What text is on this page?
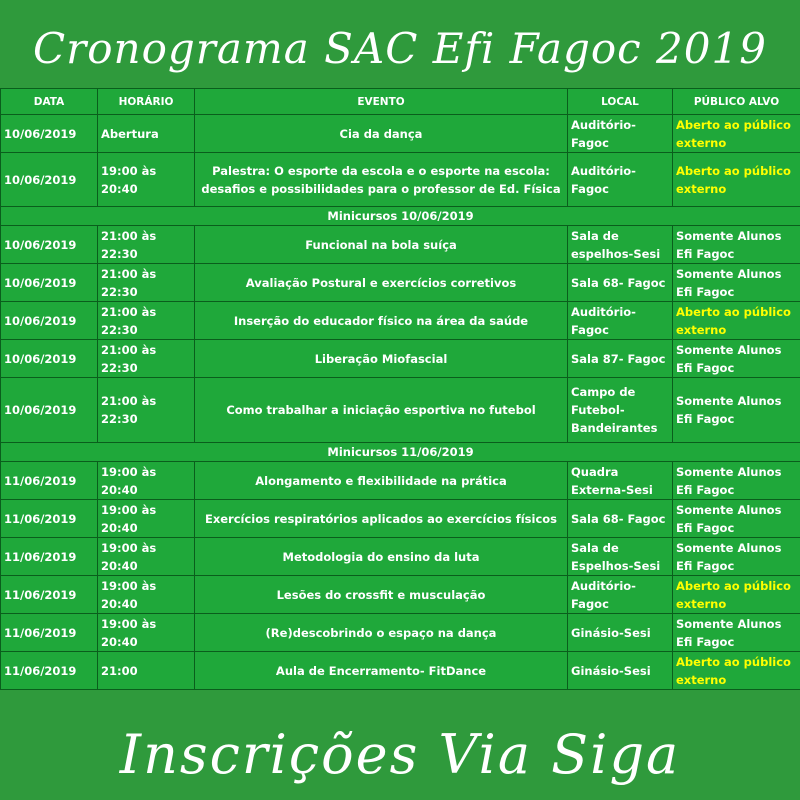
Cronograma SAC Efi Fagoc 2019
DATA	HORÁRIO	EVENTO	LOCAL	PÚBLICO ALVO
10/06/2019	Abertura	Cia da dança	Auditório- Fagoc	Aberto ao público externo
10/06/2019	19:00 às 20:40	Palestra: O esporte da escola e o esporte na escola: desafios e possibilidades para o professor de Ed. Física	Auditório- Fagoc	Aberto ao público externo
Minicursos 10/06/2019				
10/06/2019	21:00 às 22:30	Funcional na bola suíça	Sala de espelhos-Sesi	Somente Alunos Efi Fagoc
10/06/2019	21:00 às 22:30	Avaliação Postural e exercícios corretivos	Sala 68- Fagoc	Somente Alunos Efi Fagoc
10/06/2019	21:00 às 22:30	Inserção do educador físico na área da saúde	Auditório- Fagoc	Aberto ao público externo
10/06/2019	21:00 às 22:30	Liberação Miofascial	Sala 87- Fagoc	Somente Alunos Efi Fagoc
10/06/2019	21:00 às 22:30	Como trabalhar a iniciação esportiva no futebol	Campo de Futebol-Bandeirantes	Somente Alunos Efi Fagoc
Minicursos 11/06/2019				
11/06/2019	19:00 às 20:40	Alongamento e flexibilidade na prática	Quadra Externa-Sesi	Somente Alunos Efi Fagoc
11/06/2019	19:00 às 20:40	Exercícios respiratórios aplicados ao exercícios físicos	Sala 68- Fagoc	Somente Alunos Efi Fagoc
11/06/2019	19:00 às 20:40	Metodologia do ensino da luta	Sala de Espelhos-Sesi	Somente Alunos Efi Fagoc
11/06/2019	19:00 às 20:40	Lesões do crossfit e musculação	Auditório- Fagoc	Aberto ao público externo
11/06/2019	19:00 às 20:40	(Re)descobrindo o espaço na dança	Ginásio-Sesi	Somente Alunos Efi Fagoc
11/06/2019	21:00	Aula de Encerramento- FitDance	Ginásio-Sesi	Aberto ao público externo
Inscrições Via Siga
